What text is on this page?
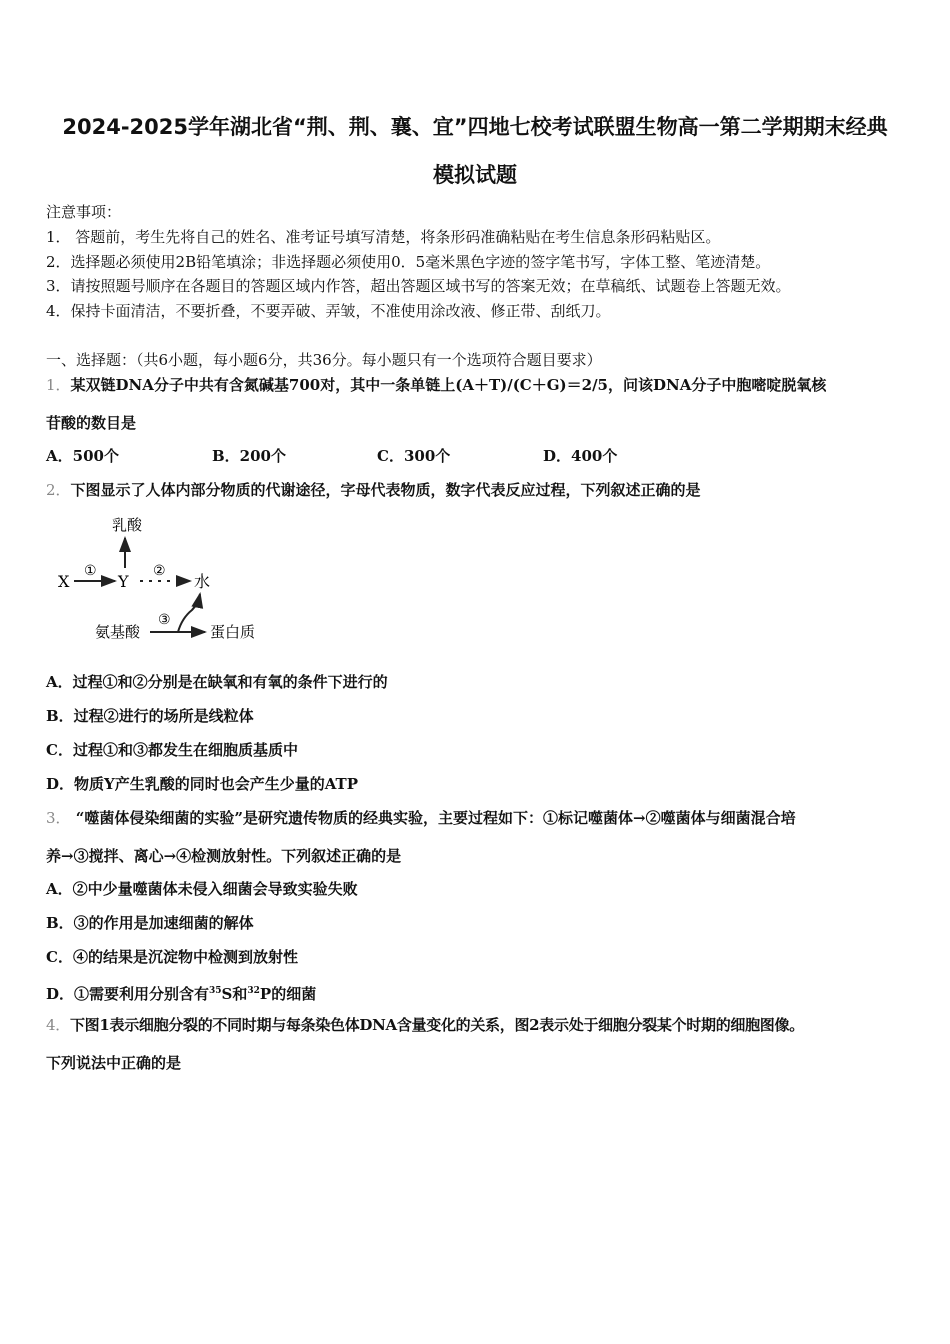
2024-2025学年湖北省“荆、荆、襄、宜”四地七校考试联盟生物高一第二学期期末经典
模拟试题
注意事项：
1． 答题前，考生先将自己的姓名、准考证号填写清楚，将条形码准确粘贴在考生信息条形码粘贴区。
2．选择题必须使用2B铅笔填涂；非选择题必须使用0．5毫米黑色字迹的签字笔书写，字体工整、笔迹清楚。
3．请按照题号顺序在各题目的答题区域内作答，超出答题区域书写的答案无效；在草稿纸、试题卷上答题无效。
4．保持卡面清洁，不要折叠，不要弄破、弄皱，不准使用涂改液、修正带、刮纸刀。
一、选择题：（共6小题，每小题6分，共36分。每小题只有一个选项符合题目要求）
1．某双链DNA分子中共有含氮碱基700对，其中一条单链上(A＋T)/(C＋G)＝2/5，问该DNA分子中胞嘧啶脱氧核
苷酸的数目是
A．500个	B．200个	C．300个	D．400个
2．下图显示了人体内部分物质的代谢途径，字母代表物质，数字代表反应过程，下列叙述正确的是
乳酸
X
①
Y
②
水
氨基酸
③
蛋白质
A．过程①和②分别是在缺氧和有氧的条件下进行的
B．过程②进行的场所是线粒体
C．过程①和③都发生在细胞质基质中
D．物质Y产生乳酸的同时也会产生少量的ATP
3． “噬菌体侵染细菌的实验”是研究遗传物质的经典实验，主要过程如下：①标记噬菌体→②噬菌体与细菌混合培
养→③搅拌、离心→④检测放射性。下列叙述正确的是
A．②中少量噬菌体未侵入细菌会导致实验失败
B．③的作用是加速细菌的解体
C．④的结果是沉淀物中检测到放射性
D．①需要利用分别含有$^{35}$S和$^{32}$P的细菌
4．下图1表示细胞分裂的不同时期与每条染色体DNA含量变化的关系，图2表示处于细胞分裂某个时期的细胞图像。
下列说法中正确的是
